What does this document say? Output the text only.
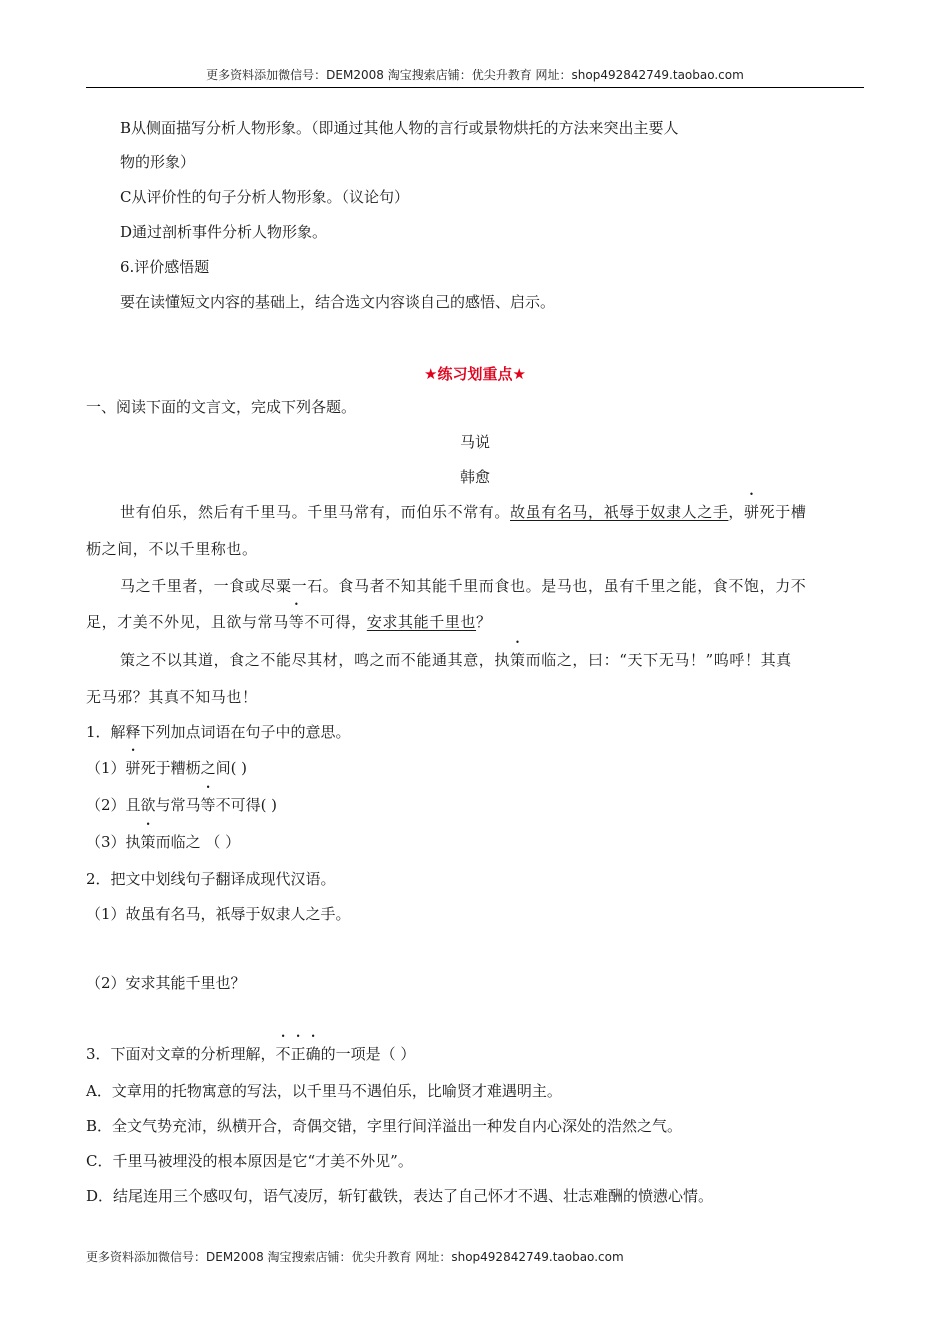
更多资料添加微信号：DEM2008 淘宝搜索店铺：优尖升教育 网址：shop492842749.taobao.com
B从侧面描写分析人物形象。（即通过其他人物的言行或景物烘托的方法来突出主要人
物的形象）
C从评价性的句子分析人物形象。（议论句）
D通过剖析事件分析人物形象。
6.评价感悟题
要在读懂短文内容的基础上，结合选文内容谈自己的感悟、启示。
★练习划重点★
一、阅读下面的文言文，完成下列各题。
马说
韩愈
世有伯乐，然后有千里马。千里马常有，而伯乐不常有。故虽有名马，祇辱于奴隶人之手，骈死于槽
枥之间，不以千里称也。
马之千里者，一食或尽粟一石。食马者不知其能千里而食也。是马也，虽有千里之能，食不饱，力不
足，才美不外见，且欲与常马等不可得，安求其能千里也？
策之不以其道，食之不能尽其材，鸣之而不能通其意，执策而临之，曰：“天下无马！”呜呼！其真
无马邪？其真不知马也！
1．解释下列加点词语在句子中的意思。
（1）骈死于糟枥之间( )
（2）且欲与常马等不可得( )
（3）执策而临之 （ ）
2．把文中划线句子翻译成现代汉语。
（1）故虽有名马，祇辱于奴隶人之手。
（2）安求其能千里也？
3．下面对文章的分析理解，不正确的一项是（ ）
A．文章用的托物寓意的写法，以千里马不遇伯乐，比喻贤才难遇明主。
B．全文气势充沛，纵横开合，奇偶交错，字里行间洋溢出一种发自内心深处的浩然之气。
C．千里马被埋没的根本原因是它“才美不外见”。
D．结尾连用三个感叹句，语气凌厉，斩钉截铁，表达了自己怀才不遇、壮志难酬的愤懑心情。
更多资料添加微信号：DEM2008 淘宝搜索店铺：优尖升教育 网址：shop492842749.taobao.com
